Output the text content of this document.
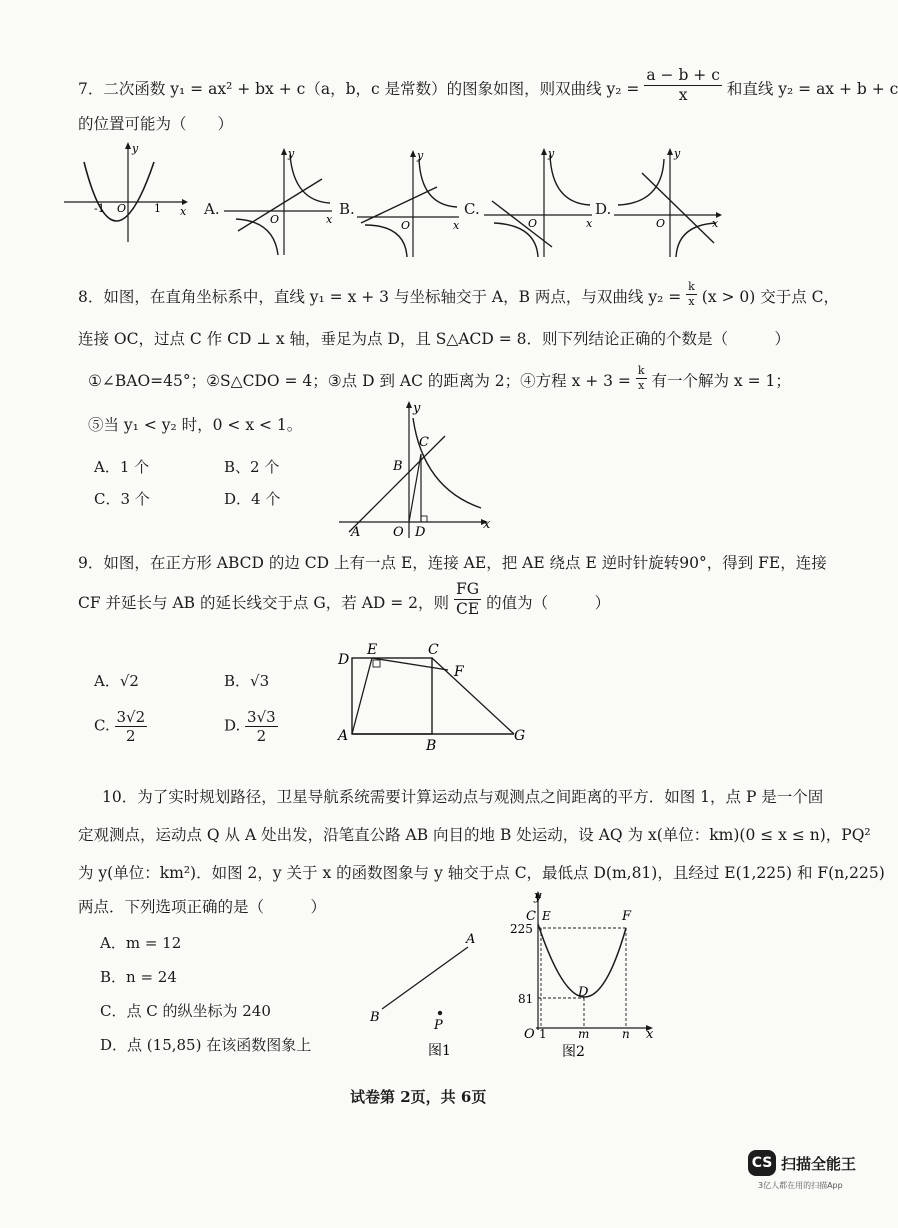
7．二次函数 y₁ = ax² + bx + c（a，b，c 是常数）的图象如图，则双曲线 $y_2 = \frac{a - b + c}{x}$ 和直线 y₂ = ax + b + c
的位置可能为（　　）
y
x
O
-1	1	A.
y
O	x
B.
y
O	x
C.
y
O	x
D.
y
O	x
8．如图，在直角坐标系中，直线 y₁ = x + 3 与坐标轴交于 A，B 两点，与双曲线 $y_2 = \frac{k}{x} (x > 0)$ 交于点 C，
连接 OC，过点 C 作 CD ⊥ x 轴，垂足为点 D，且 S△ACD = 8．则下列结论正确的个数是（　　　）
①∠BAO=45°；②S△CDO = 4；③点 D 到 AC 的距离为 2；④方程 $x + 3 = \frac{k}{x}$ 有一个解为 x = 1；
⑤当 y₁ < y₂ 时，0 < x < 1。
A．1 个	B、2 个
C．3 个	D．4 个
y
x
C
B
A	O D
9．如图，在正方形 ABCD 的边 CD 上有一点 E，连接 AE，把 AE 绕点 E 逆时针旋转90°，得到 FE，连接
CF 并延长与 AB 的延长线交于点 G，若 AD = 2，则 $\frac{FG}{CE}$ 的值为（　　　）
A．√2	B．√3
C. $\frac{3√2}{2}$	D. $\frac{3√3}{2}$
D
E	C
F
A
B
G
10．为了实时规划路径，卫星导航系统需要计算运动点与观测点之间距离的平方．如图 1，点 P 是一个固
定观测点，运动点 Q 从 A 处出发，沿笔直公路 AB 向目的地 B 处运动，设 AQ 为 x(单位：km)(0 ≤ x ≤ n)，PQ²
为 y(单位：km²)．如图 2，y 关于 x 的函数图象与 y 轴交于点 C，最低点 D(m,81)，且经过 E(1,225) 和 F(n,225)
两点．下列选项正确的是（　　　）
A．m = 12
B．n = 24
C．点 C 的纵坐标为 240
D．点 (15,85) 在该函数图象上
A
B
P
图1
y
C E	F
D
225
81
O 1	m	n x
图2
试卷第 2页，共 6页
CS 扫描全能王
3亿人都在用的扫描App
